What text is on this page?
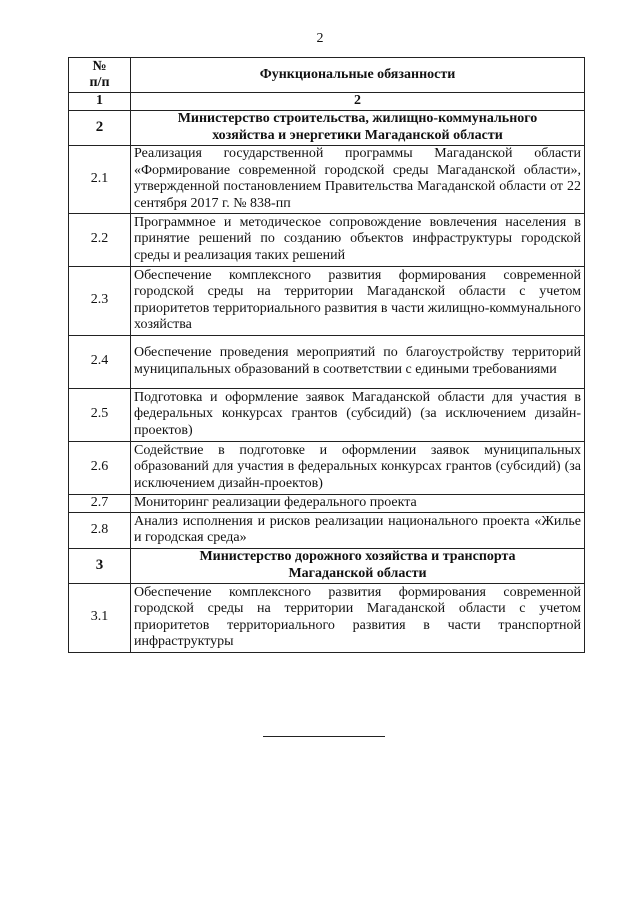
2
№
п/п	Функциональные обязанности
1	2
2	Министерство строительства, жилищно-коммунального
хозяйства и энергетики Магаданской области
2.1	Реализация государственной программы Магаданской области «Формирование современной городской среды Магаданской области», утвержденной постановлением Правительства Магаданской области от 22 сентября 2017 г. № 838-пп
2.2	Программное и методическое сопровождение вовлечения населения в принятие решений по созданию объектов инфраструктуры городской среды и реализация таких решений
2.3	Обеспечение комплексного развития формирования современной городской среды на территории Магаданской области с учетом приоритетов территориального развития в части жилищно-коммунального хозяйства
2.4	Обеспечение проведения мероприятий по благоустройству территорий муниципальных образований в соответствии с едиными требованиями
2.5	Подготовка и оформление заявок Магаданской области для участия в федеральных конкурсах грантов (субсидий) (за исключением дизайн-проектов)
2.6	Содействие в подготовке и оформлении заявок муниципальных образований для участия в федеральных конкурсах грантов (субсидий) (за исключением дизайн-проектов)
2.7	Мониторинг реализации федерального проекта
2.8	Анализ исполнения и рисков реализации национального проекта «Жилье и городская среда»
3	Министерство дорожного хозяйства и транспорта
Магаданской области
3.1	Обеспечение комплексного развития формирования современной городской среды на территории Магаданской области с учетом приоритетов территориального развития в части транспортной инфраструктуры
